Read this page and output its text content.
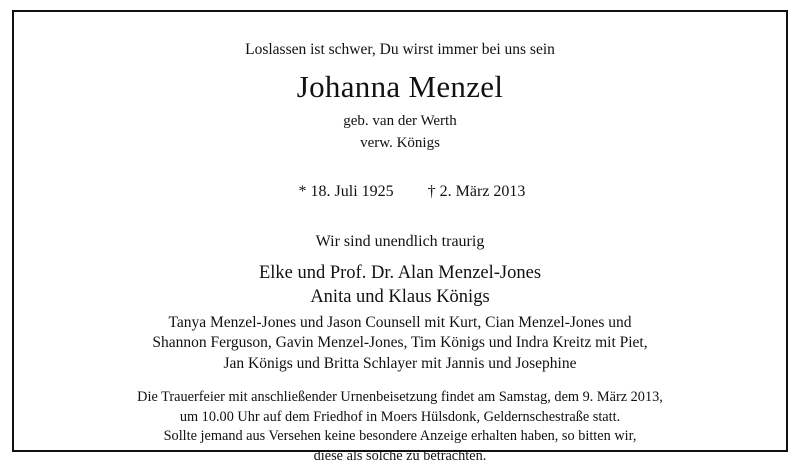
Loslassen ist schwer, Du wirst immer bei uns sein
Johanna Menzel
geb. van der Werth
verw. Königs

* 18. Juli 1925 † 2. März 2013

Wir sind unendlich traurig
Elke und Prof. Dr. Alan Menzel-Jones
Anita und Klaus Königs
Tanya Menzel-Jones und Jason Counsell mit Kurt, Cian Menzel-Jones und
Shannon Ferguson, Gavin Menzel-Jones, Tim Königs und Indra Kreitz mit Piet,
Jan Königs und Britta Schlayer mit Jannis und Josephine
Die Trauerfeier mit anschließender Urnenbeisetzung findet am Samstag, dem 9. März 2013,
um 10.00 Uhr auf dem Friedhof in Moers Hülsdonk, Geldernschestraße statt.
Sollte jemand aus Versehen keine besondere Anzeige erhalten haben, so bitten wir,
diese als solche zu betrachten.
